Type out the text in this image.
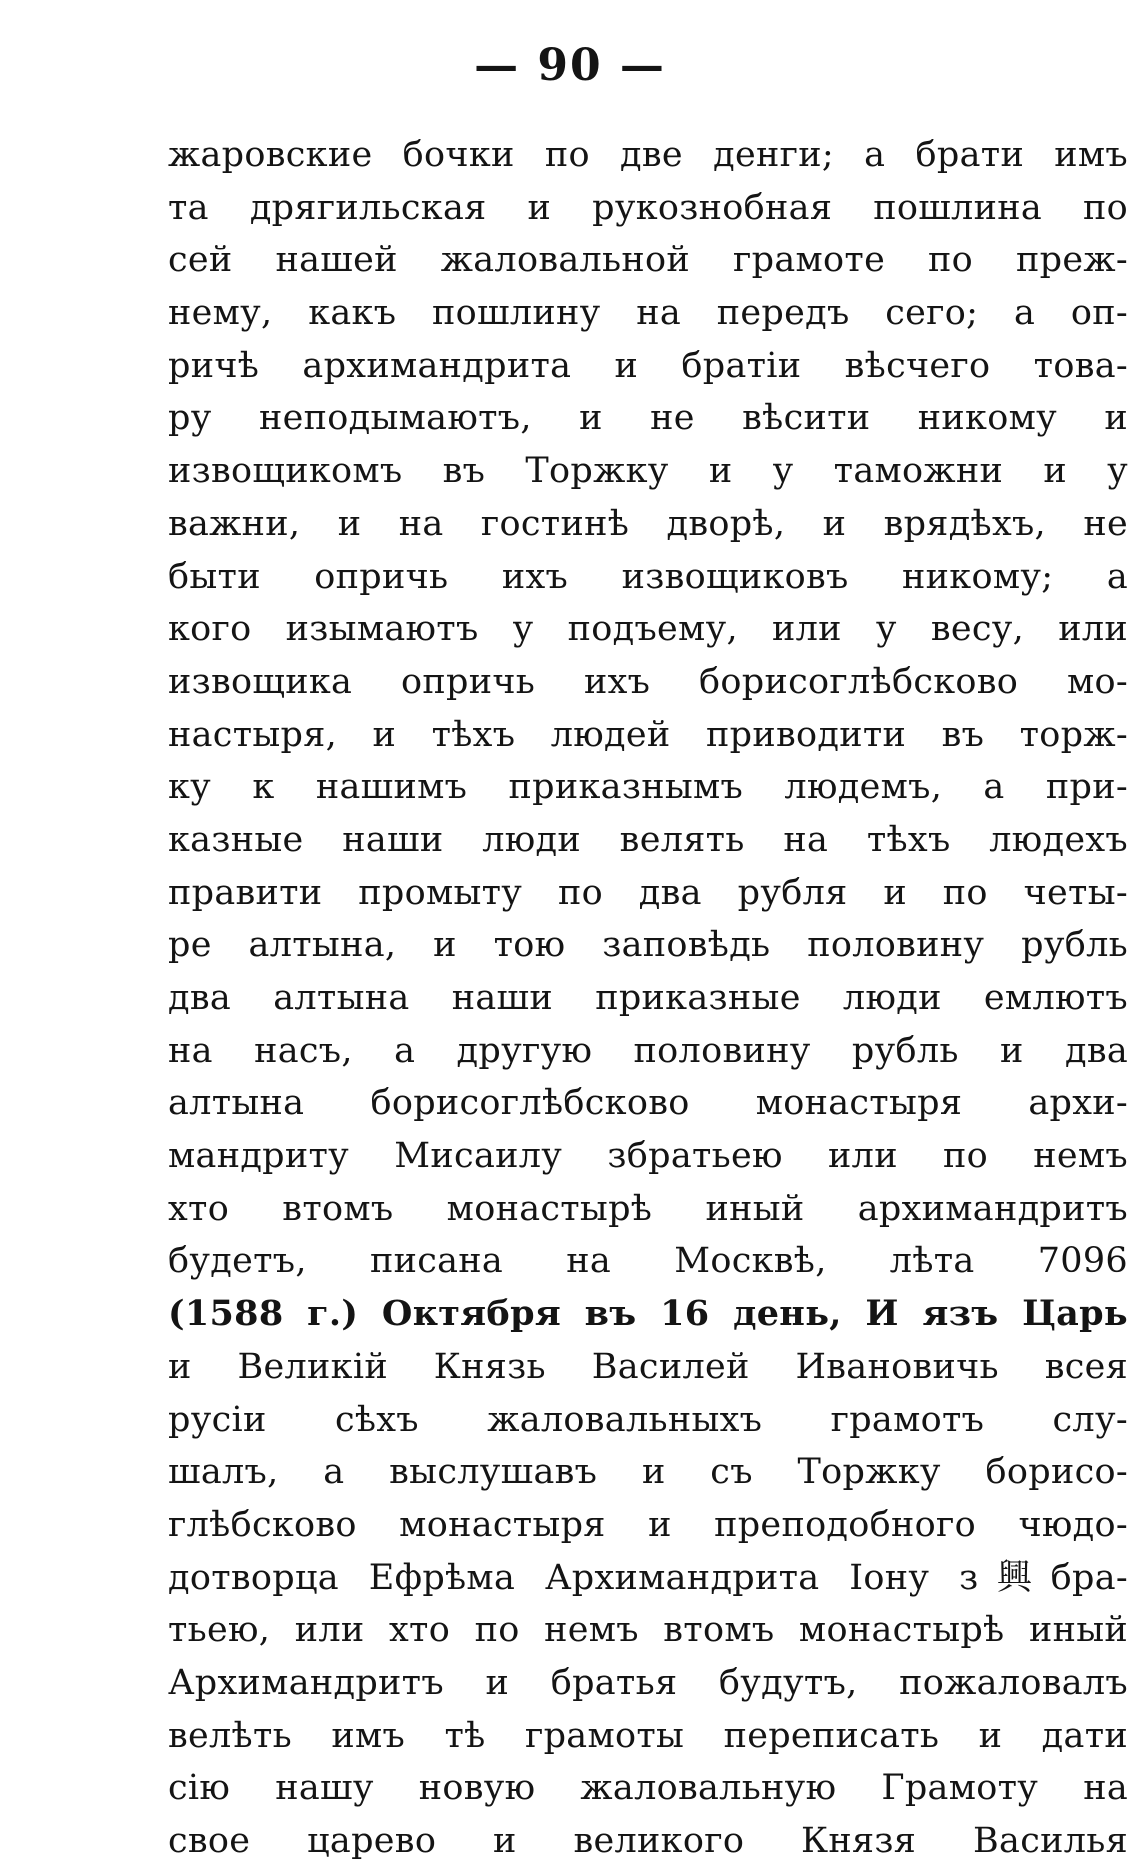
— 90 —
жаровские бочки по две денги; а брати имъ
та дрягильская и рукознобная пошлина по
сей нашей жаловальной грамоте по преж-
нему, какъ пошлину на передъ сего; а оп-
ричѣ архимандрита и братiи вѣсчего това-
ру неподымаютъ, и не вѣсити никому и
извощикомъ въ Торжку и у таможни и у
важни, и на гостинѣ дворѣ, и врядѣхъ, не
быти опричь ихъ извощиковъ никому; а
кого изымаютъ у подъему, или у весу, или
извощика опричь ихъ борисоглѣбсково мо-
настыря, и тѣхъ людей приводити въ торж-
ку к нашимъ приказнымъ людемъ, а при-
казные наши люди велять на тѣхъ людехъ
правити промыту по два рубля и по четы-
ре алтына, и тою заповѣдь половину рубль
два алтына наши приказные люди емлютъ
на насъ, а другую половину рубль и два
алтына борисоглѣбсково монастыря архи-
мандриту Мисаилу збратьею или по немъ
хто втомъ монастырѣ иный архимандритъ
будетъ, писана на Москвѣ, лѣта 7096
(1588 г.) Октября въ 16 день, И язъ Царь
и Великiй Князь Василей Ивановичь всея
русiи сѣхъ жаловальныхъ грамотъ слу-
шалъ, а выслушавъ и съ Торжку борисо-
глѣбсково монастыря и преподобного чюдо-
дотворца Ефрѣма Архимандрита Iону з興бра-
тьею, или хто по немъ втомъ монастырѣ иный
Архимандритъ и братья будутъ, пожаловалъ
велѣть имъ тѣ грамоты переписать и дати
сiю нашу новую жаловальную Грамоту на
свое царево и великого Князя Василья
